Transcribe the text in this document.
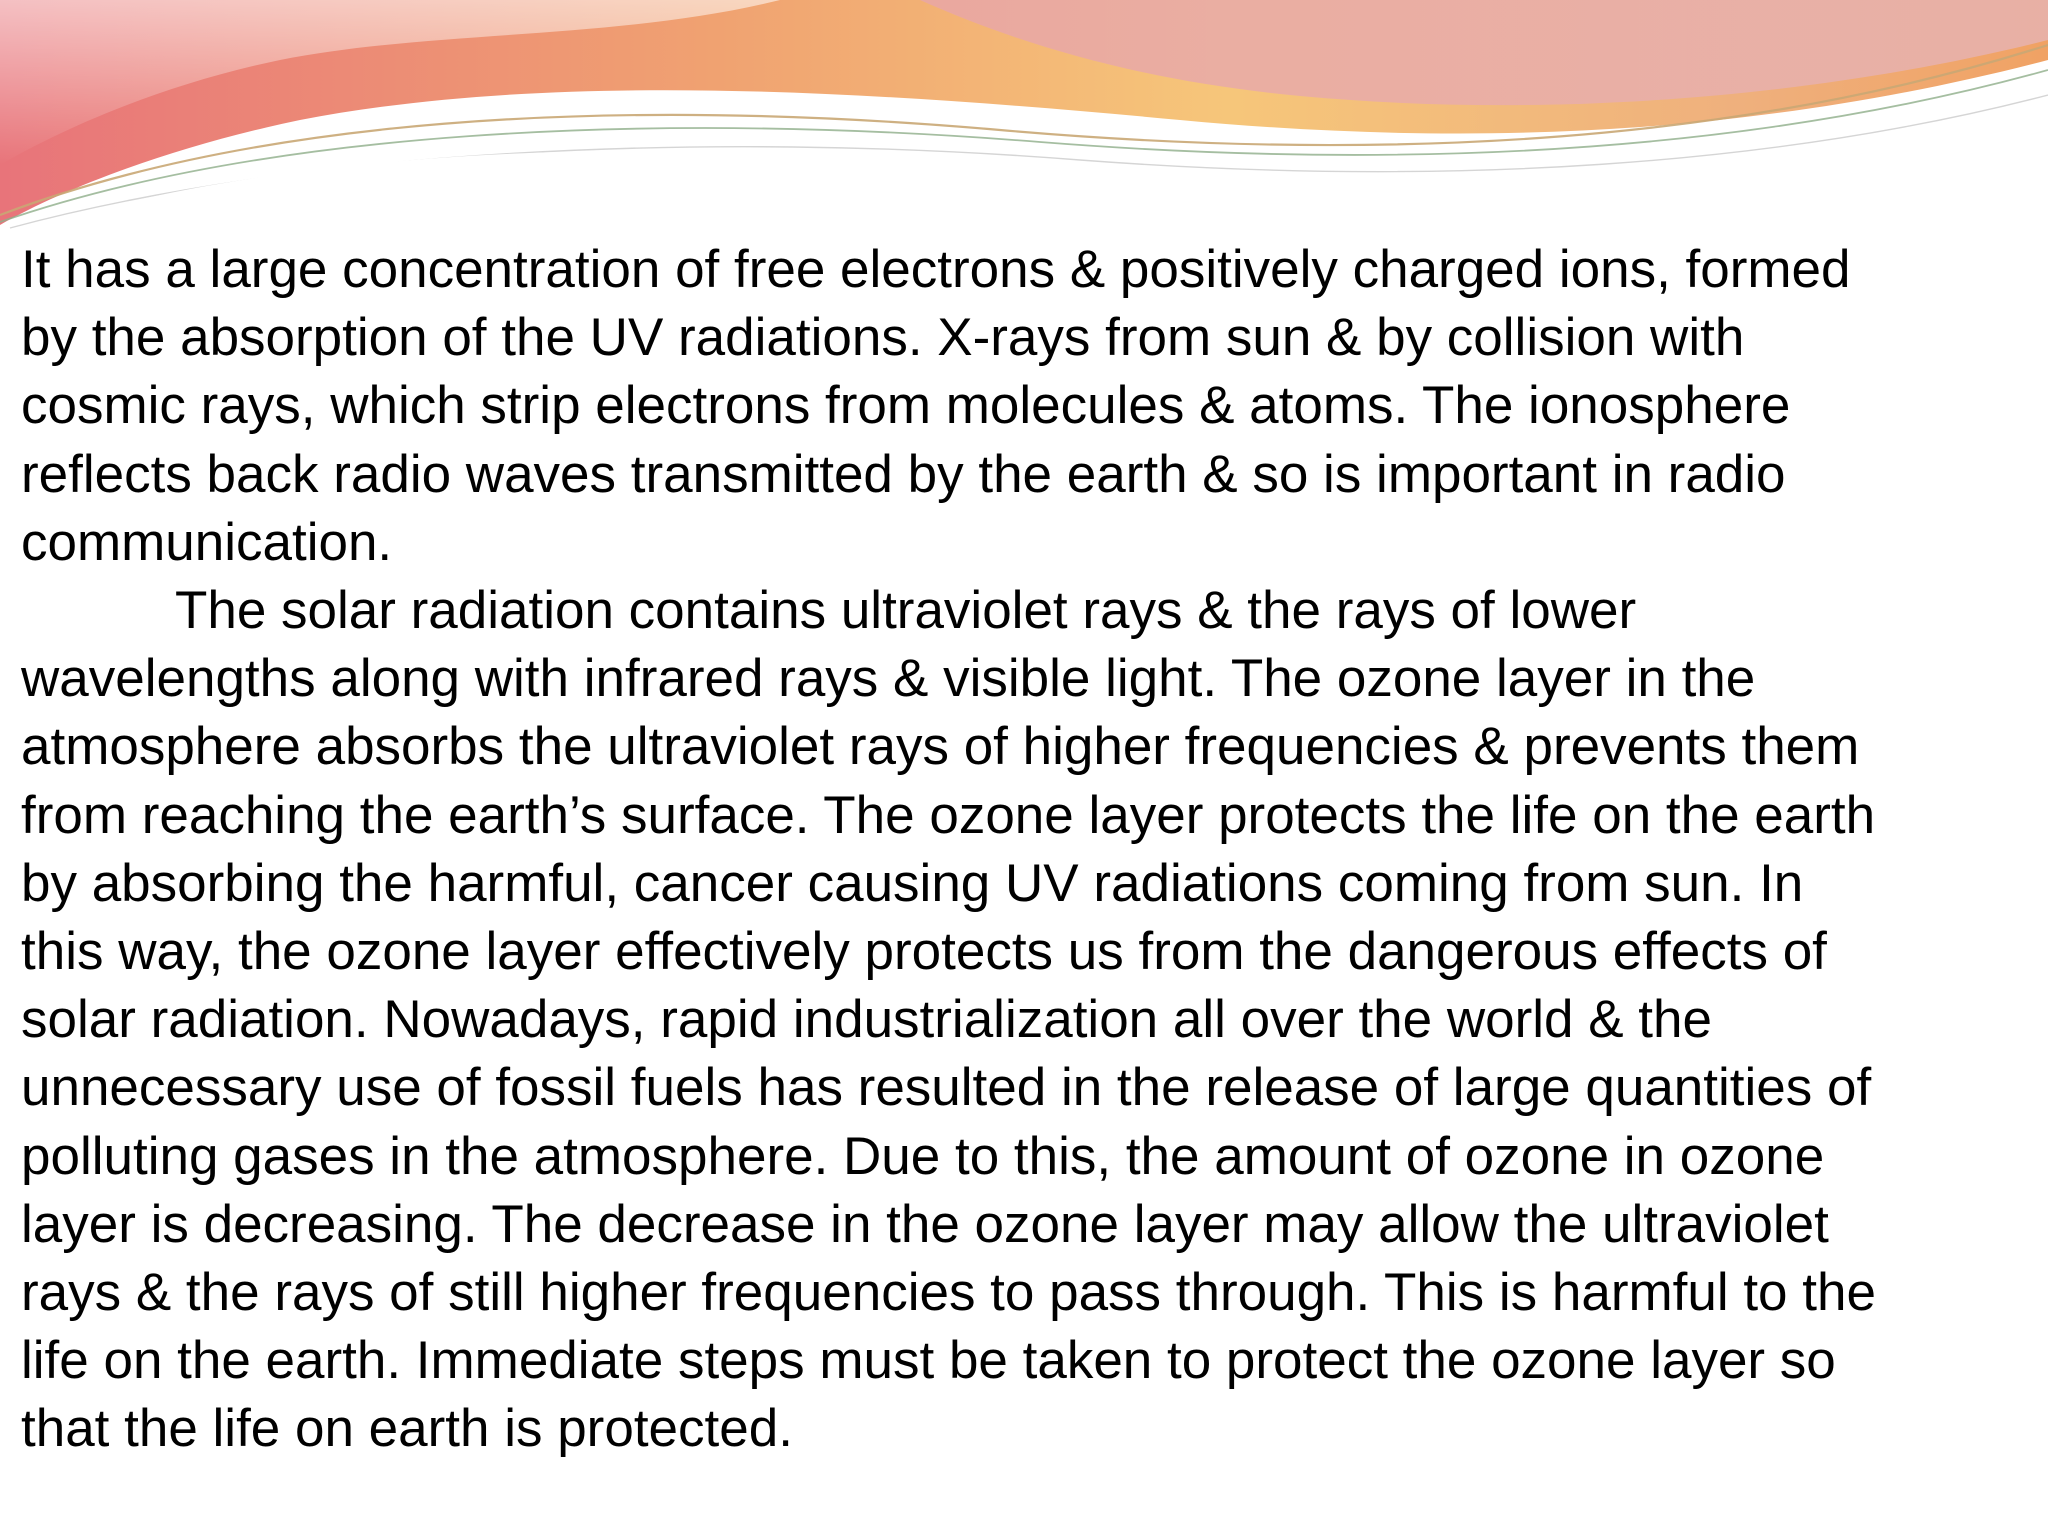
It has a large concentration of free electrons & positively charged ions, formed
by the absorption of the UV radiations. X-rays from sun & by collision with
cosmic rays, which strip electrons from molecules & atoms. The ionosphere
reflects back radio waves transmitted by the earth & so is important in radio
communication.
The solar radiation contains ultraviolet rays & the rays of lower
wavelengths along with infrared rays & visible light. The ozone layer in the
atmosphere absorbs the ultraviolet rays of higher frequencies & prevents them
from reaching the earth’s surface. The ozone layer protects the life on the earth
by absorbing the harmful, cancer causing UV radiations coming from sun. In
this way, the ozone layer effectively protects us from the dangerous effects of
solar radiation. Nowadays, rapid industrialization all over the world & the
unnecessary use of fossil fuels has resulted in the release of large quantities of
polluting gases in the atmosphere. Due to this, the amount of ozone in ozone
layer is decreasing. The decrease in the ozone layer may allow the ultraviolet
rays & the rays of still higher frequencies to pass through. This is harmful to the
life on the earth. Immediate steps must be taken to protect the ozone layer so
that the life on earth is protected.
